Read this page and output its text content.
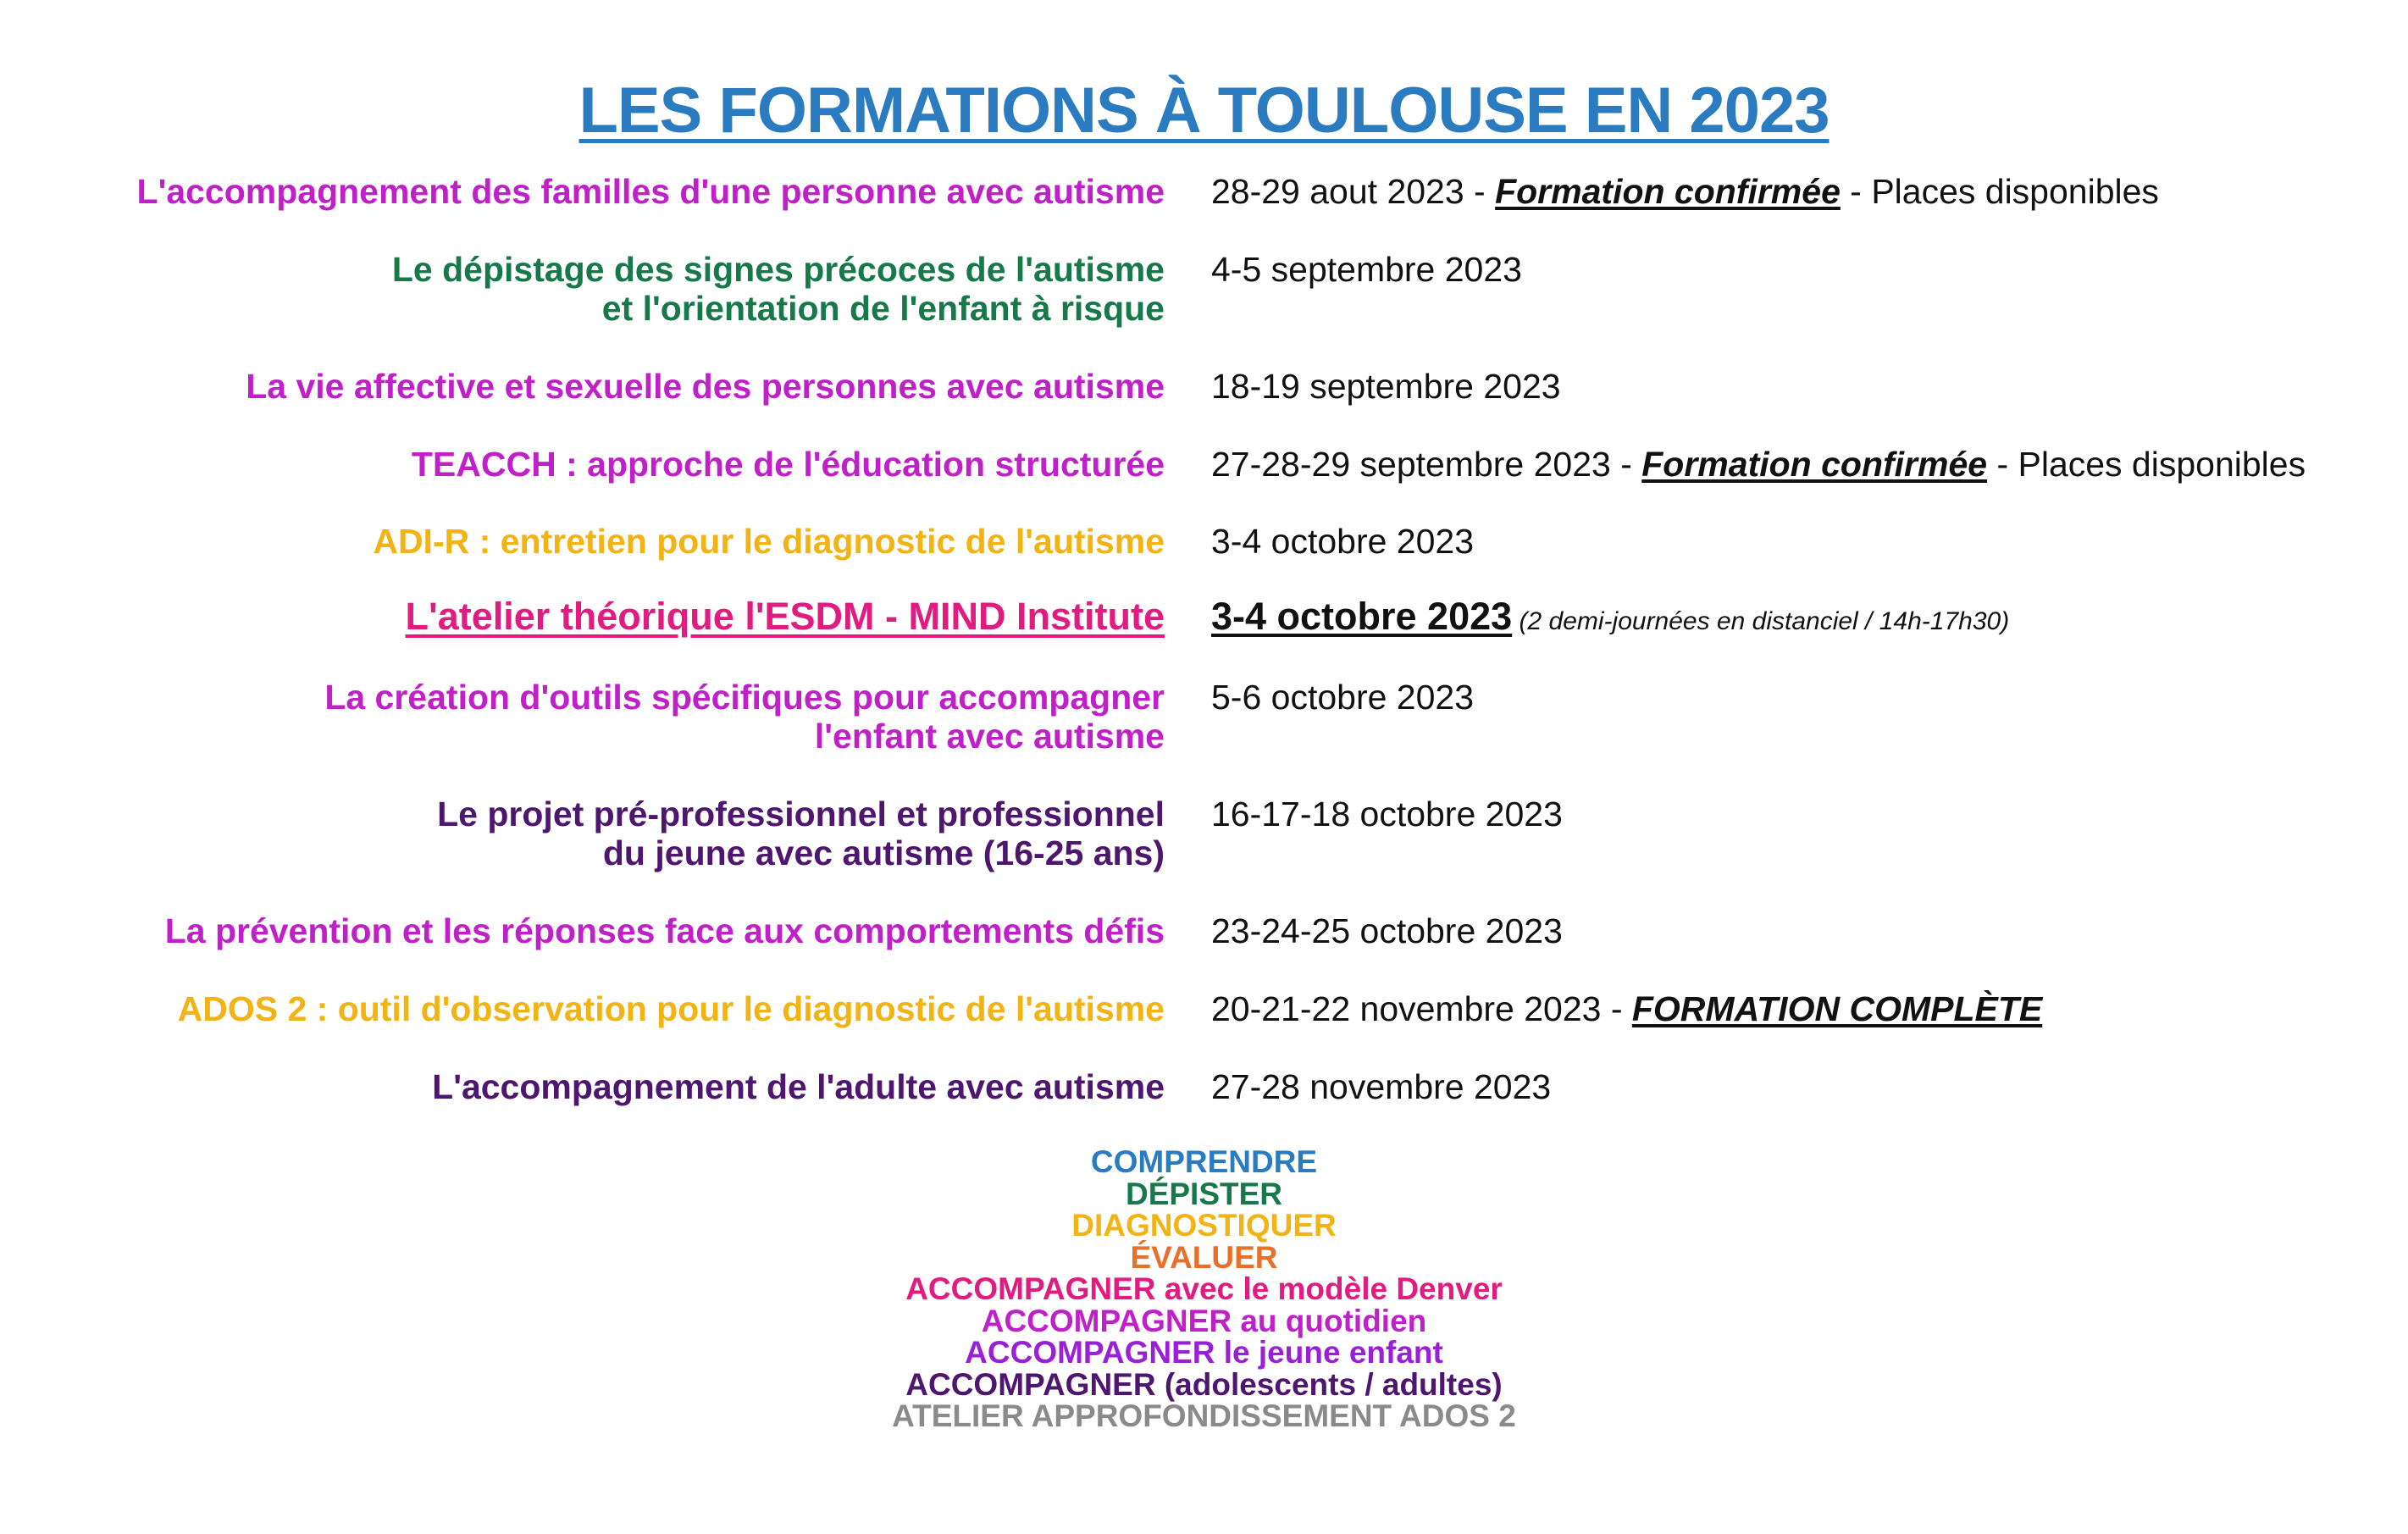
LES FORMATIONS À TOULOUSE EN 2023
L'accompagnement des familles d'une personne avec autisme 28-29 aout 2023 - Formation confirmée - Places disponibles
Le dépistage des signes précoces de l'autisme
et l'orientation de l'enfant à risque
4-5 septembre 2023
La vie affective et sexuelle des personnes avec autisme 18-19 septembre 2023
TEACCH : approche de l'éducation structurée 27-28-29 septembre 2023 - Formation confirmée - Places disponibles
ADI-R : entretien pour le diagnostic de l'autisme 3-4 octobre 2023
L'atelier théorique l'ESDM - MIND Institute 3-4 octobre 2023 (2 demi-journées en distanciel / 14h-17h30)
La création d'outils spécifiques pour accompagner
l'enfant avec autisme
5-6 octobre 2023
Le projet pré-professionnel et professionnel
du jeune avec autisme (16-25 ans)
16-17-18 octobre 2023
La prévention et les réponses face aux comportements défis 23-24-25 octobre 2023
ADOS 2 : outil d'observation pour le diagnostic de l'autisme 20-21-22 novembre 2023 - FORMATION COMPLÈTE
L'accompagnement de l'adulte avec autisme 27-28 novembre 2023
COMPRENDRE
DÉPISTER
DIAGNOSTIQUER
ÉVALUER
ACCOMPAGNER avec le modèle Denver
ACCOMPAGNER au quotidien
ACCOMPAGNER le jeune enfant
ACCOMPAGNER (adolescents / adultes)
ATELIER APPROFONDISSEMENT ADOS 2
